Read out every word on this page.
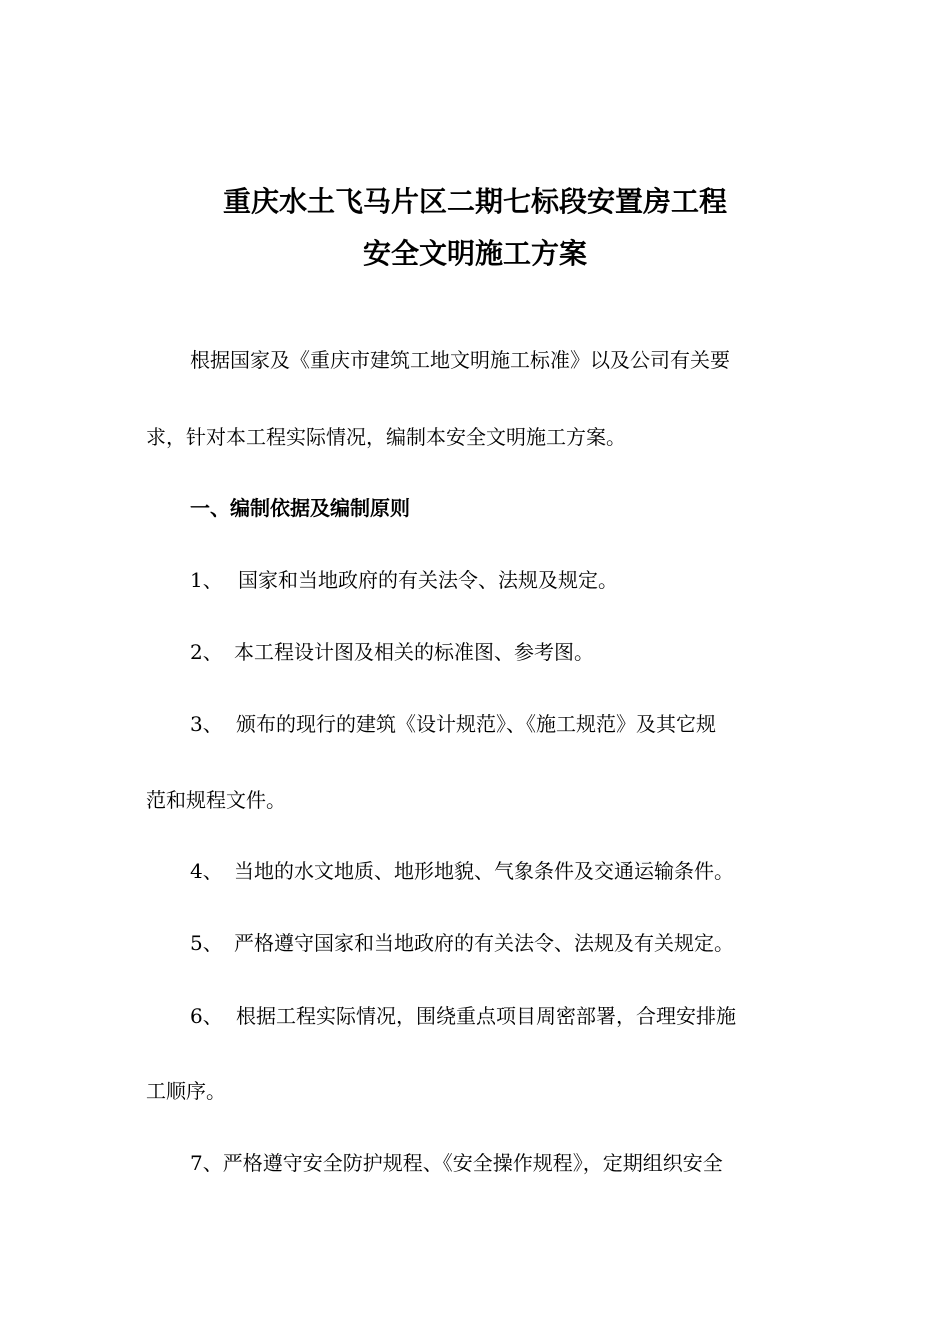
重庆水土飞马片区二期七标段安置房工程
安全文明施工方案
根据国家及《重庆市建筑工地文明施工标准》以及公司有关要
求，针对本工程实际情况，编制本安全文明施工方案。
一、编制依据及编制原则
1、 国家和当地政府的有关法令、法规及规定。
2、 本工程设计图及相关的标准图、参考图。
3、 颁布的现行的建筑《设计规范》、《施工规范》及其它规
范和规程文件。
4、 当地的水文地质、地形地貌、气象条件及交通运输条件。
5、 严格遵守国家和当地政府的有关法令、法规及有关规定。
6、 根据工程实际情况，围绕重点项目周密部署，合理安排施
工顺序。
7、严格遵守安全防护规程、《安全操作规程》，定期组织安全
